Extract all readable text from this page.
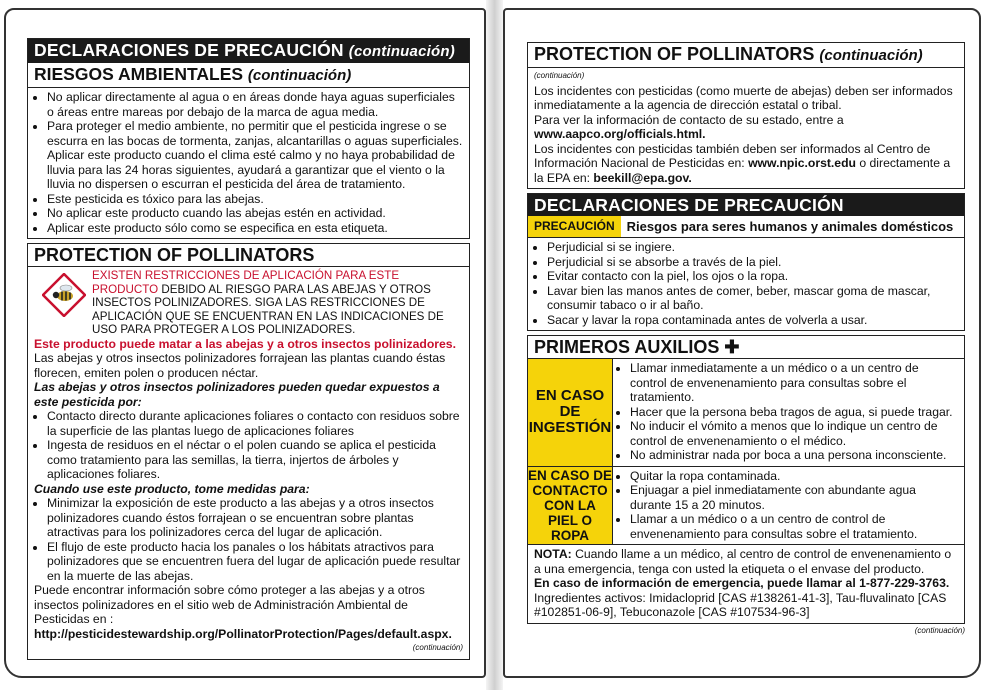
DECLARACIONES DE PRECAUCIÓN (continuación)
RIESGOS AMBIENTALES (continuación)
• No aplicar directamente al agua o en áreas donde haya aguas superficiales o áreas entre mareas por debajo de la marca de agua media.
• Para proteger el medio ambiente, no permitir que el pesticida ingrese o se escurra en las bocas de tormenta, zanjas, alcantarillas o aguas superficiales. Aplicar este producto cuando el clima esté calmo y no haya probabilidad de lluvia para las 24 horas siguientes, ayudará a garantizar que el viento o la lluvia no dispersen o escurran el pesticida del área de tratamiento.
• Este pesticida es tóxico para las abejas.
• No aplicar este producto cuando las abejas estén en actividad.
• Aplicar este producto sólo como se especifica en esta etiqueta.
PROTECTION OF POLLINATORS
EXISTEN RESTRICCIONES DE APLICACIÓN PARA ESTE PRODUCTO DEBIDO AL RIESGO PARA LAS ABEJAS Y OTROS INSECTOS POLINIZADORES. SIGA LAS RESTRICCIONES DE APLICACIÓN QUE SE ENCUENTRAN EN LAS INDICACIONES DE USO PARA PROTEGER A LOS POLINIZADORES.
Este producto puede matar a las abejas y a otros insectos polinizadores.
Las abejas y otros insectos polinizadores forrajean las plantas cuando éstas florecen, emiten polen o producen néctar.
Las abejas y otros insectos polinizadores pueden quedar expuestos a este pesticida por:
• Contacto directo durante aplicaciones foliares o contacto con residuos sobre la superficie de las plantas luego de aplicaciones foliares
• Ingesta de residuos en el néctar o el polen cuando se aplica el pesticida como tratamiento para las semillas, la tierra, injertos de árboles y aplicaciones foliares.
Cuando use este producto, tome medidas para:
• Minimizar la exposición de este producto a las abejas y a otros insectos polinizadores cuando éstos forrajean o se encuentran sobre plantas atractivas para los polinizadores cerca del lugar de aplicación.
• El flujo de este producto hacia los panales o los hábitats atractivos para polinizadores que se encuentren fuera del lugar de aplicación puede resultar en la muerte de las abejas.
Puede encontrar información sobre cómo proteger a las abejas y a otros insectos polinizadores en el sitio web de Administración Ambiental de Pesticidas en :
http://pesticidestewardship.org/PollinatorProtection/Pages/default.aspx.
(continuación)
PROTECTION OF POLLINATORS (continuación)
(continuación)
Los incidentes con pesticidas (como muerte de abejas) deben ser informados inmediatamente a la agencia de dirección estatal o tribal.
Para ver la información de contacto de su estado, entre a www.aapco.org/officials.html.
Los incidentes con pesticidas también deben ser informados al Centro de Información Nacional de Pesticidas en: www.npic.orst.edu o directamente a la EPA en: beekill@epa.gov.
DECLARACIONES DE PRECAUCIÓN
PRECAUCIÓN Riesgos para seres humanos y animales domésticos
• Perjudicial si se ingiere.
• Perjudicial si se absorbe a través de la piel.
• Evitar contacto con la piel, los ojos o la ropa.
• Lavar bien las manos antes de comer, beber, mascar goma de mascar, consumir tabaco o ir al baño.
• Sacar y lavar la ropa contaminada antes de volverla a usar.
PRIMEROS AUXILIOS ✚
EN CASO DE INGESTIÓN
• Llamar inmediatamente a un médico o a un centro de control de envenenamiento para consultas sobre el tratamiento.
• Hacer que la persona beba tragos de agua, si puede tragar.
• No inducir el vómito a menos que lo indique un centro de control de envenenamiento o el médico.
• No administrar nada por boca a una persona inconsciente.
EN CASO DE CONTACTO CON LA PIEL O ROPA
• Quitar la ropa contaminada.
• Enjuagar a piel inmediatamente con abundante agua durante 15 a 20 minutos.
• Llamar a un médico o a un centro de control de envenenamiento para consultas sobre el tratamiento.
NOTA: Cuando llame a un médico, al centro de control de envenenamiento o a una emergencia, tenga con usted la etiqueta o el envase del producto.
En caso de información de emergencia, puede llamar al 1-877-229-3763.
Ingredientes activos: Imidacloprid [CAS #138261-41-3], Tau-fluvalinato [CAS #102851-06-9], Tebuconazole [CAS #107534-96-3]
(continuación)
